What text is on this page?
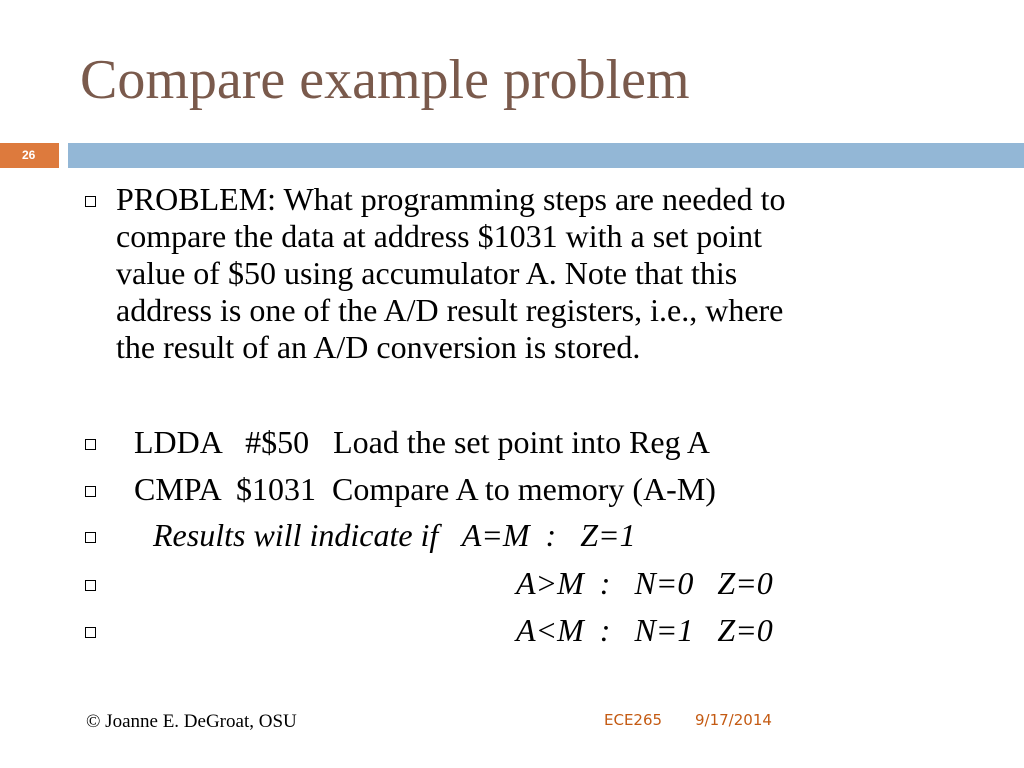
Compare example problem
26
PROBLEM: What programming steps are needed to
compare the data at address $1031 with a set point
value of $50 using accumulator A. Note that this
address is one of the A/D result registers, i.e., where
the result of an A/D conversion is stored.
LDDA   #$50   Load the set point into Reg A
CMPA  $1031  Compare A to memory (A-M)
Results will indicate if   A=M  :   Z=1
A>M  :   N=0   Z=0
A<M  :   N=1   Z=0
© Joanne E. DeGroat, OSU	ECE265 9/17/2014
